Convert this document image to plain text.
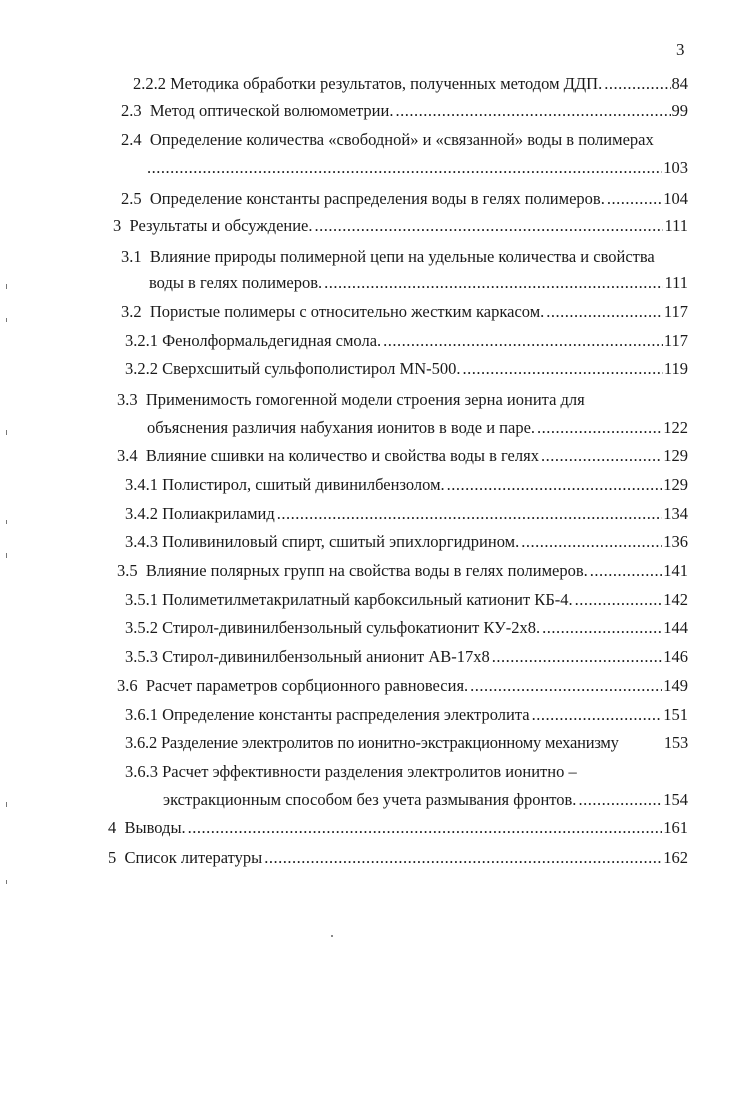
3
2.2.2
Методика обработки результатов, полученных методом ДДП. .....	84
2.3
Метод оптической волюмометрии. .....	99
2.4
Определение количества «свободной» и «связанной» воды в полимерах
.....
103
2.5
Определение константы распределения воды в гелях полимеров. .....	104
3
Результаты и обсуждение. .....	111
3.1
Влияние природы полимерной цепи на удельные количества и свойства
воды в гелях полимеров. .....	111
3.2
Пористые полимеры с относительно жестким каркасом. .....	117
3.2.1
Фенолформальдегидная смола. .....	117
3.2.2
Сверхсшитый сульфополистирол MN-500. .....	119
3.3
Применимость гомогенной модели строения зерна ионита для
объяснения различия набухания ионитов в воде и паре. .....	122
3.4
Влияние сшивки на количество и свойства воды в гелях .....	129
3.4.1
Полистирол, сшитый дивинилбензолом. .....	129
3.4.2
Полиакриламид .....	134
3.4.3
Поливиниловый спирт, сшитый эпихлоргидрином. .....	136
3.5
Влияние полярных групп на свойства воды в гелях полимеров. .....	141
3.5.1
Полиметилметакрилатный карбоксильный катионит КБ-4. .....	142
3.5.2
Стирол-дивинилбензольный сульфокатионит КУ-2х8. .....	144
3.5.3
Стирол-дивинилбензольный анионит АВ-17х8 .....	146
3.6
Расчет параметров сорбционного равновесия. .....	149
3.6.1
Определение константы распределения электролита .....	151
3.6.2
Разделение электролитов по ионитно-экстракционному механизму	153
3.6.3
Расчет эффективности разделения электролитов ионитно –
экстракционным способом без учета размывания фронтов. .....	154
4
Выводы. .....	161
5
Список литературы .....	162
